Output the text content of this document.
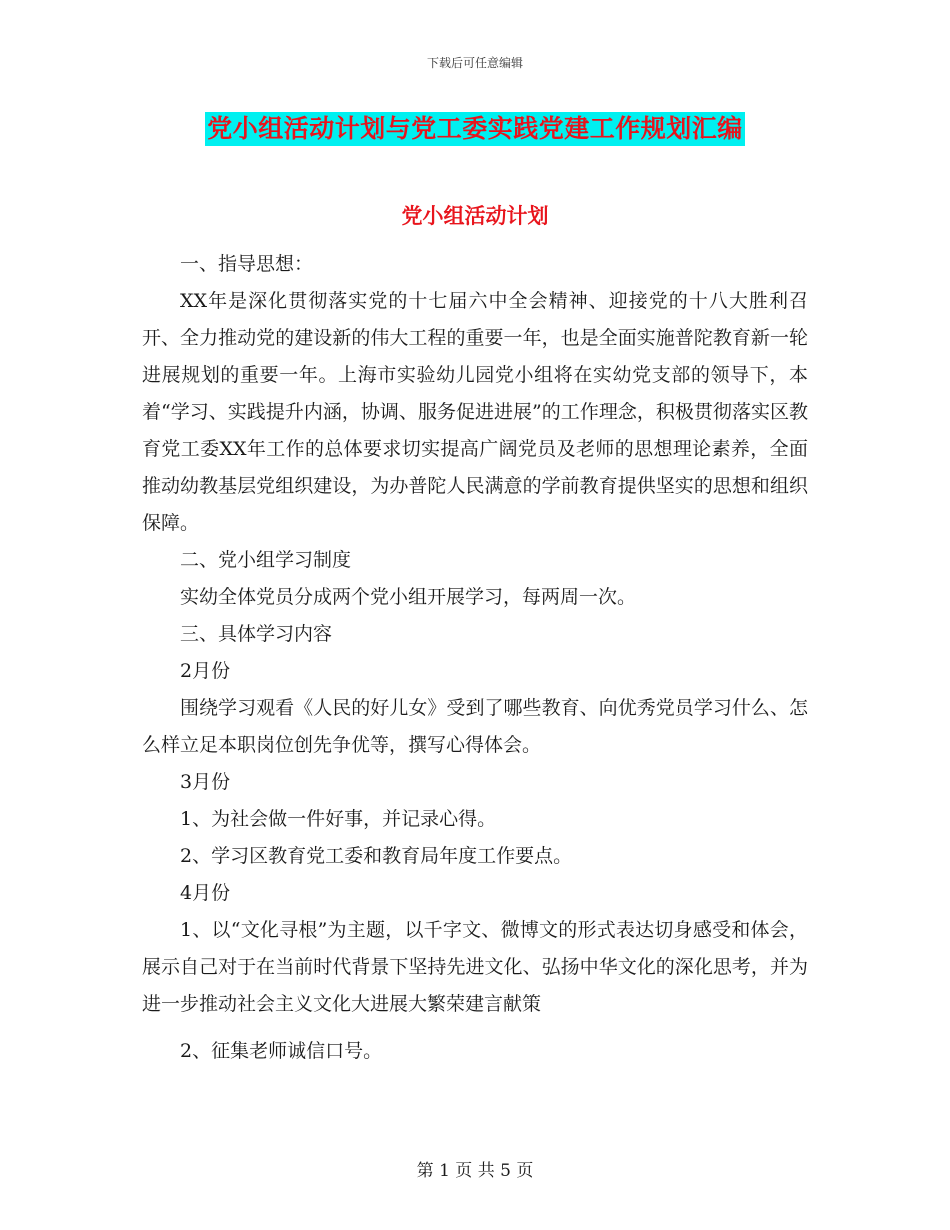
下载后可任意编辑
党小组活动计划与党工委实践党建工作规划汇编
党小组活动计划

一、指导思想：

XX年是深化贯彻落实党的十七届六中全会精神、迎接党的十八大胜利召开、全力推动党的建设新的伟大工程的重要一年，也是全面实施普陀教育新一轮进展规划的重要一年。上海市实验幼儿园党小组将在实幼党支部的领导下，本着“学习、实践提升内涵，协调、服务促进进展”的工作理念，积极贯彻落实区教育党工委XX年工作的总体要求切实提高广阔党员及老师的思想理论素养，全面推动幼教基层党组织建设，为办普陀人民满意的学前教育提供坚实的思想和组织保障。

二、党小组学习制度

实幼全体党员分成两个党小组开展学习，每两周一次。

三、具体学习内容

2月份

围绕学习观看《人民的好儿女》受到了哪些教育、向优秀党员学习什么、怎么样立足本职岗位创先争优等，撰写心得体会。

3月份

1、为社会做一件好事，并记录心得。

2、学习区教育党工委和教育局年度工作要点。

4月份

1、以“文化寻根”为主题，以千字文、微博文的形式表达切身感受和体会，展示自己对于在当前时代背景下坚持先进文化、弘扬中华文化的深化思考，并为进一步推动社会主义文化大进展大繁荣建言献策

2、征集老师诚信口号。

第 1 页 共 5 页
